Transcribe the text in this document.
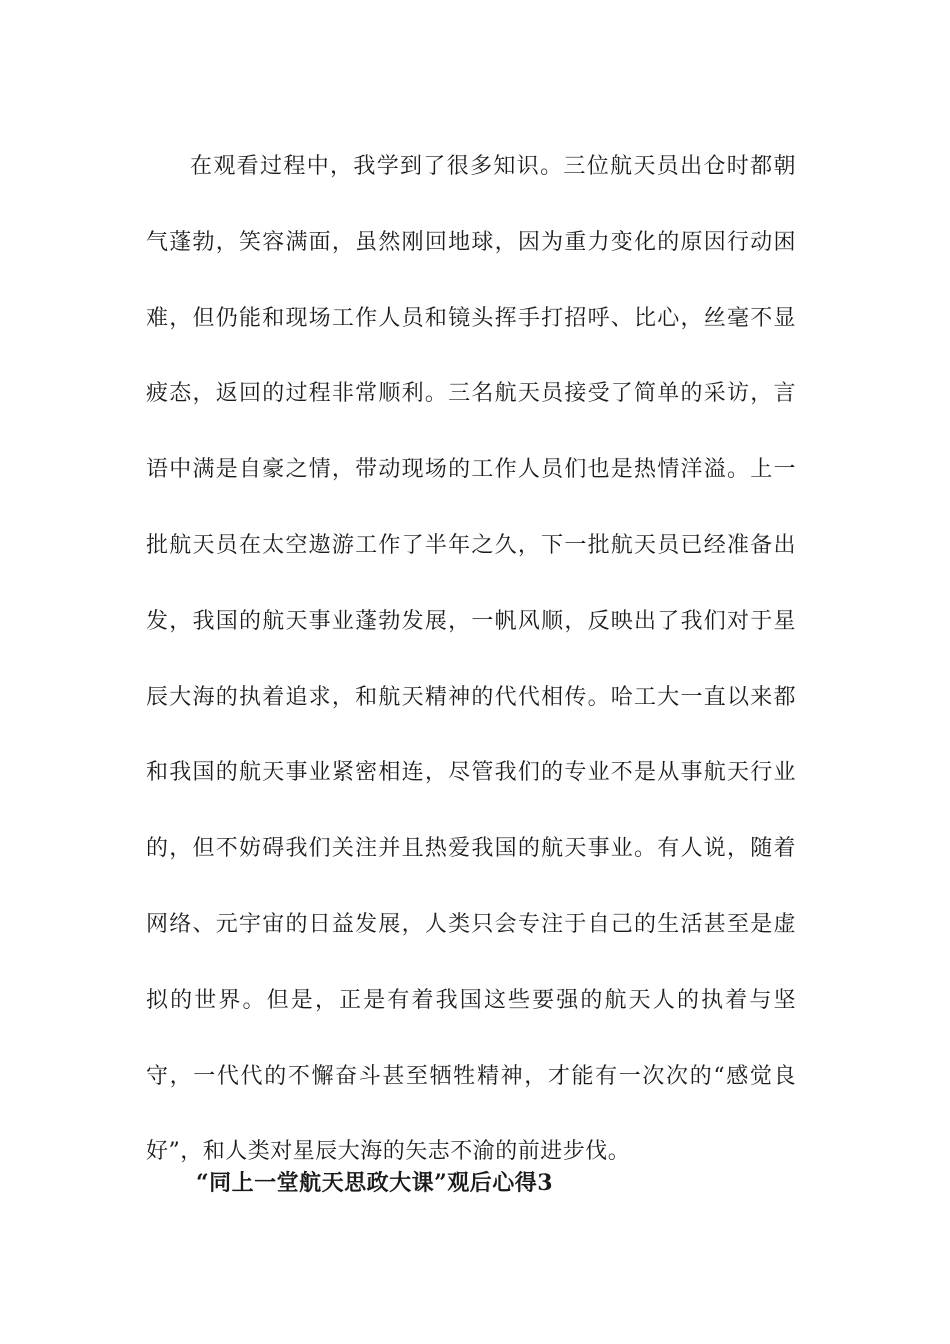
在观看过程中，我学到了很多知识。三位航天员出仓时都朝气蓬勃，笑容满面，虽然刚回地球，因为重力变化的原因行动困难，但仍能和现场工作人员和镜头挥手打招呼、比心，丝毫不显疲态，返回的过程非常顺利。三名航天员接受了简单的采访，言语中满是自豪之情，带动现场的工作人员们也是热情洋溢。上一批航天员在太空遨游工作了半年之久，下一批航天员已经准备出发，我国的航天事业蓬勃发展，一帆风顺，反映出了我们对于星辰大海的执着追求，和航天精神的代代相传。哈工大一直以来都和我国的航天事业紧密相连，尽管我们的专业不是从事航天行业的，但不妨碍我们关注并且热爱我国的航天事业。有人说，随着网络、元宇宙的日益发展，人类只会专注于自己的生活甚至是虚拟的世界。但是，正是有着我国这些要强的航天人的执着与坚守，一代代的不懈奋斗甚至牺牲精神，才能有一次次的“感觉良好”，和人类对星辰大海的矢志不渝的前进步伐。

“同上一堂航天思政大课”观后心得3
